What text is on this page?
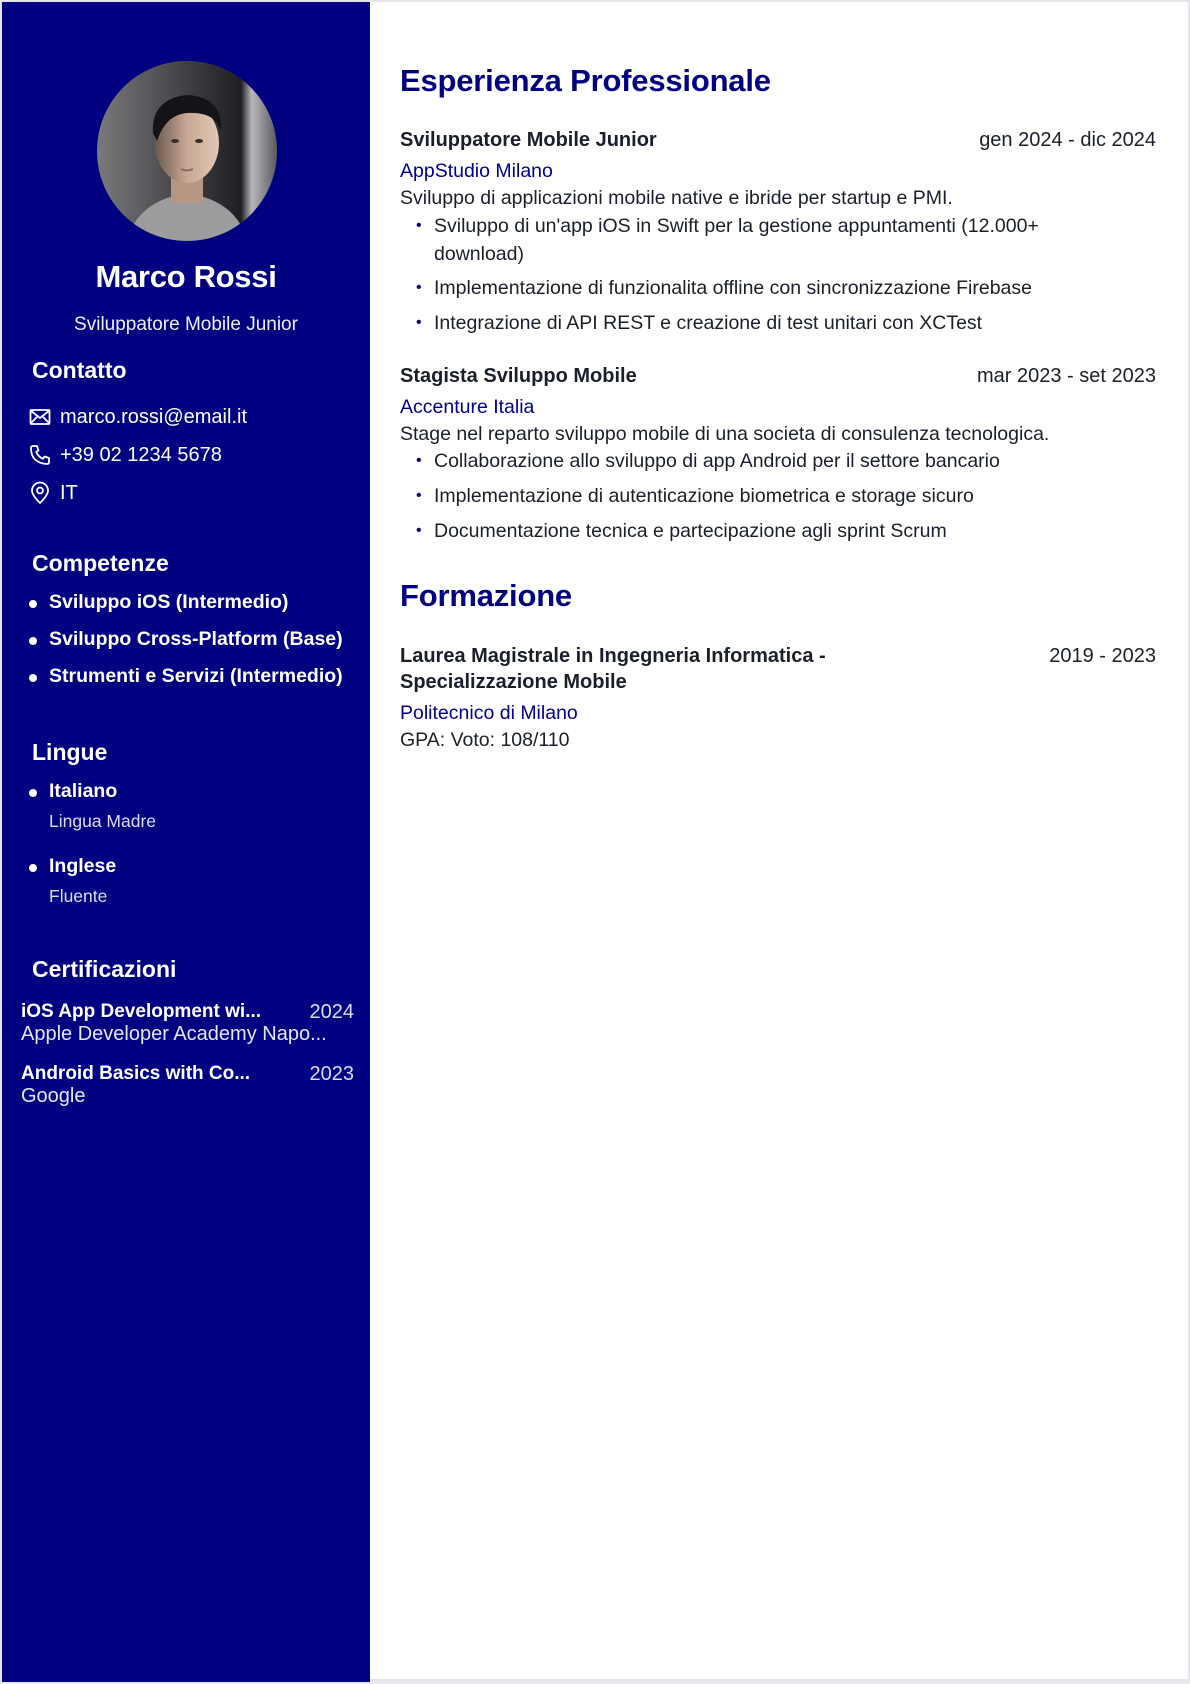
Marco Rossi
Sviluppatore Mobile Junior
Contatto
marco.rossi@email.it
+39 02 1234 5678
IT
Competenze
Sviluppo iOS (Intermedio)
Sviluppo Cross-Platform (Base)
Strumenti e Servizi (Intermedio)
Lingue
Italiano
Lingua Madre
Inglese
Fluente
Certificazioni
iOS App Development wi... 2024
Apple Developer Academy Napo...
Android Basics with Co...	2023
Google
Esperienza Professionale
Sviluppatore Mobile Junior	gen 2024 - dic 2024
AppStudio Milano
Sviluppo di applicazioni mobile native e ibride per startup e PMI.
• Sviluppo di un'app iOS in Swift per la gestione appuntamenti (12.000+ download)
• Implementazione di funzionalita offline con sincronizzazione Firebase
• Integrazione di API REST e creazione di test unitari con XCTest
Stagista Sviluppo Mobile	mar 2023 - set 2023
Accenture Italia
Stage nel reparto sviluppo mobile di una societa di consulenza tecnologica.
• Collaborazione allo sviluppo di app Android per il settore bancario
• Implementazione di autenticazione biometrica e storage sicuro
• Documentazione tecnica e partecipazione agli sprint Scrum
Formazione
Laurea Magistrale in Ingegneria Informatica -
Specializzazione Mobile
2019 - 2023
Politecnico di Milano
GPA: Voto: 108/110
